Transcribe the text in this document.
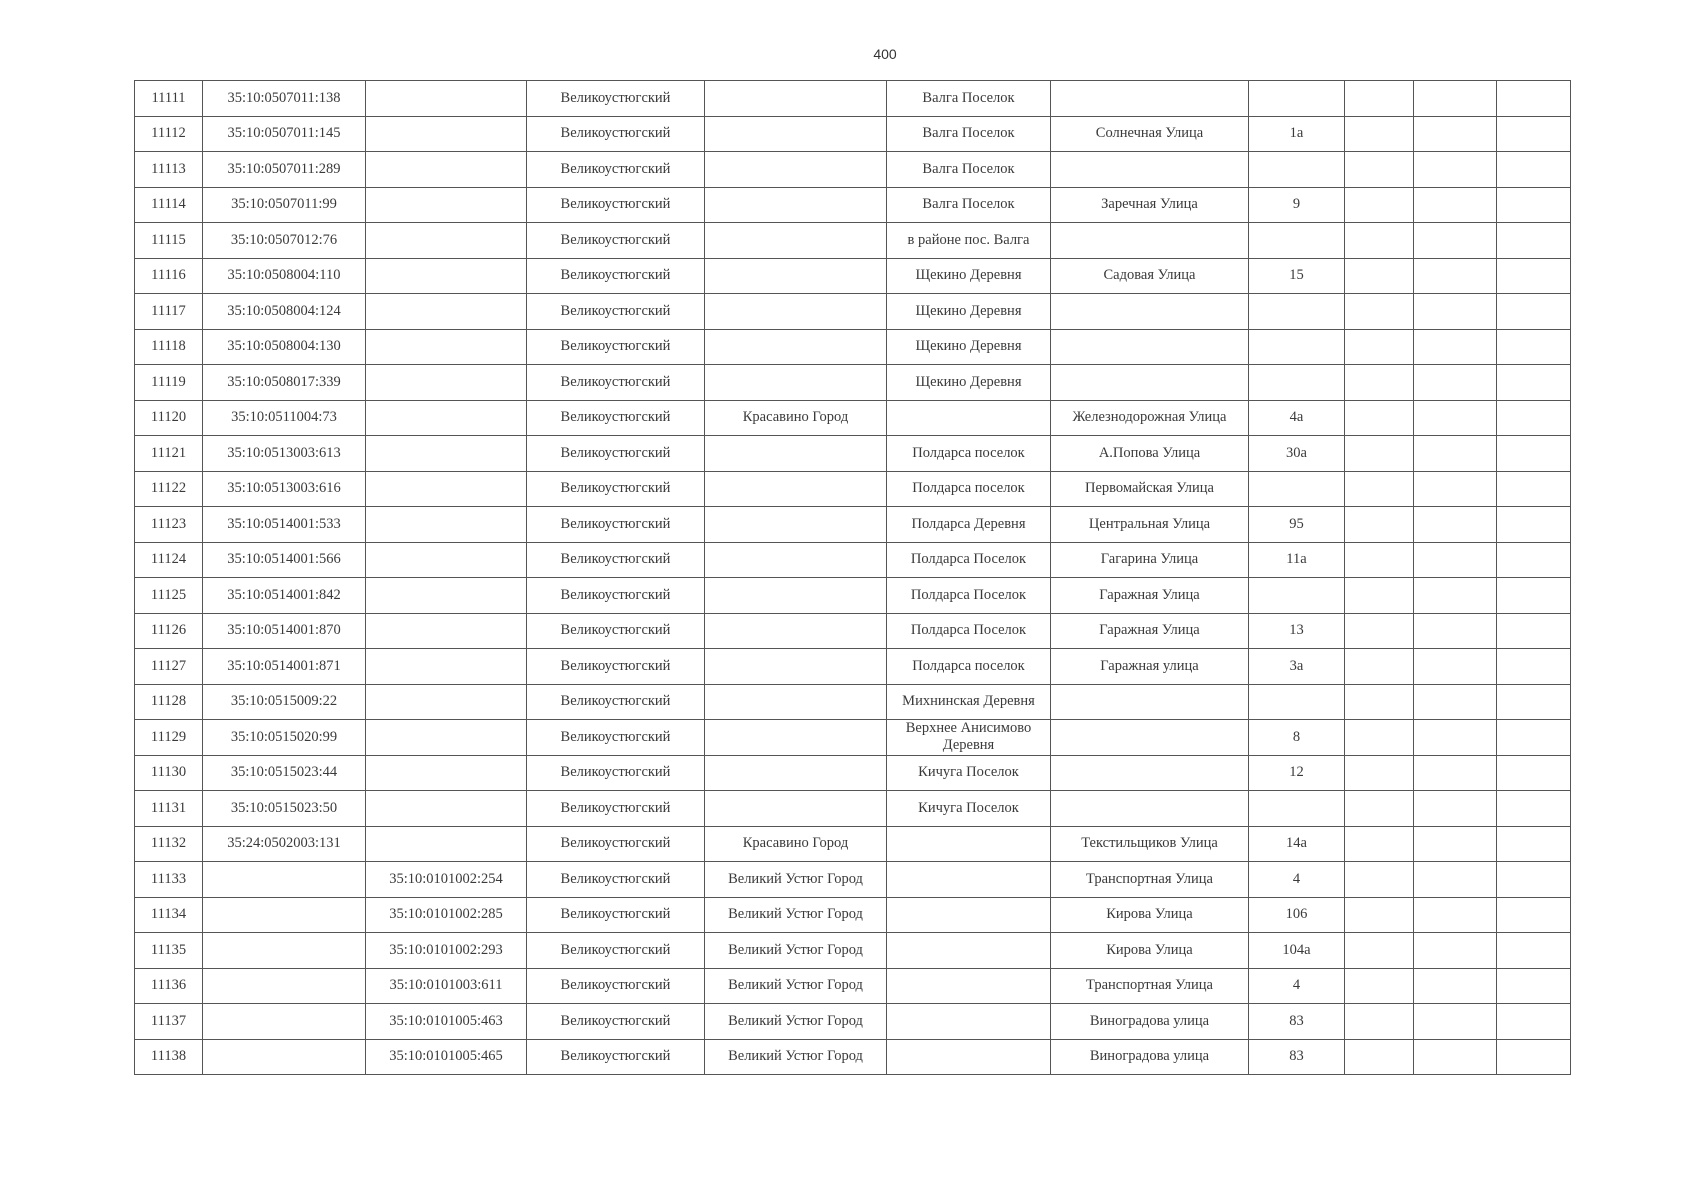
400
11111	35:10:0507011:138		Великоустюгский		Валга Поселок					
11112	35:10:0507011:145		Великоустюгский		Валга Поселок	Солнечная Улица	1а			
11113	35:10:0507011:289		Великоустюгский		Валга Поселок					
11114	35:10:0507011:99		Великоустюгский		Валга Поселок	Заречная Улица	9			
11115	35:10:0507012:76		Великоустюгский		в районе пос. Валга					
11116	35:10:0508004:110		Великоустюгский		Щекино Деревня	Садовая Улица	15			
11117	35:10:0508004:124		Великоустюгский		Щекино Деревня					
11118	35:10:0508004:130		Великоустюгский		Щекино Деревня					
11119	35:10:0508017:339		Великоустюгский		Щекино Деревня					
11120	35:10:0511004:73		Великоустюгский	Красавино Город		Железнодорожная Улица	4а			
11121	35:10:0513003:613		Великоустюгский		Полдарса поселок	А.Попова Улица	30а			
11122	35:10:0513003:616		Великоустюгский		Полдарса поселок	Первомайская Улица				
11123	35:10:0514001:533		Великоустюгский		Полдарса Деревня	Центральная Улица	95			
11124	35:10:0514001:566		Великоустюгский		Полдарса Поселок	Гагарина Улица	11а			
11125	35:10:0514001:842		Великоустюгский		Полдарса Поселок	Гаражная Улица				
11126	35:10:0514001:870		Великоустюгский		Полдарса Поселок	Гаражная Улица	13			
11127	35:10:0514001:871		Великоустюгский		Полдарса поселок	Гаражная улица	3а			
11128	35:10:0515009:22		Великоустюгский		Михнинская Деревня					
11129	35:10:0515020:99		Великоустюгский		Верхнее Анисимово Деревня		8			
11130	35:10:0515023:44		Великоустюгский		Кичуга Поселок		12			
11131	35:10:0515023:50		Великоустюгский		Кичуга Поселок					
11132	35:24:0502003:131		Великоустюгский	Красавино Город		Текстильщиков Улица	14а			
11133		35:10:0101002:254	Великоустюгский	Великий Устюг Город		Транспортная Улица	4			
11134		35:10:0101002:285	Великоустюгский	Великий Устюг Город		Кирова Улица	106			
11135		35:10:0101002:293	Великоустюгский	Великий Устюг Город		Кирова Улица	104а			
11136		35:10:0101003:611	Великоустюгский	Великий Устюг Город		Транспортная Улица	4			
11137		35:10:0101005:463	Великоустюгский	Великий Устюг Город		Виноградова улица	83			
11138		35:10:0101005:465	Великоустюгский	Великий Устюг Город		Виноградова улица	83			
